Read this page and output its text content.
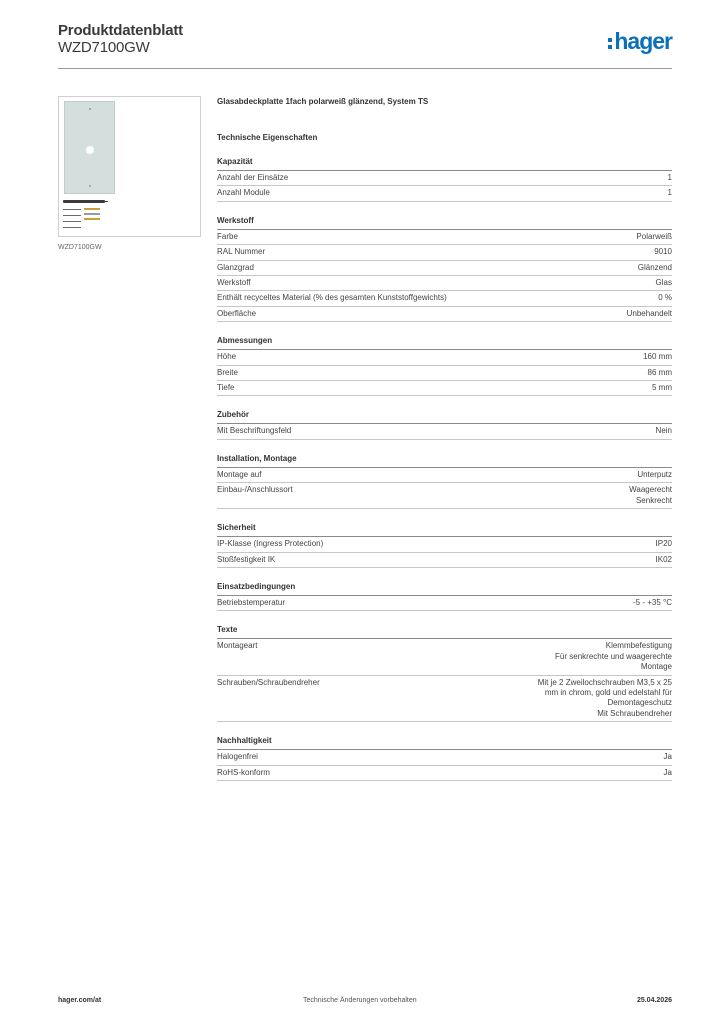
Produktdatenblatt
WZD7100GW	hager
WZD7100GW
Glasabdeckplatte 1fach polarweiß glänzend, System TS
Technische Eigenschaften
Kapazität
Anzahl der Einsätze	1
Anzahl Module	1
Werkstoff
Farbe	Polarweiß
RAL Nummer	9010
Glanzgrad	Glänzend
Werkstoff	Glas
Enthält recyceltes Material (% des gesamten Kunststoffgewichts)	0 %
Oberfläche	Unbehandelt
Abmessungen
Höhe	160 mm
Breite	86 mm
Tiefe	5 mm
Zubehör
Mit Beschriftungsfeld	Nein
Installation, Montage
Montage auf	Unterputz
Einbau-/Anschlussort	Waagerecht
Senkrecht
Sicherheit
IP-Klasse (Ingress Protection)	IP20
Stoßfestigkeit IK	IK02
Einsatzbedingungen
Betriebstemperatur	-5 - +35 °C
Texte
Montageart	Klemmbefestigung
Für senkrechte und waagerechte
Montage
Schrauben/Schraubendreher	Mit je 2 Zweilochschrauben M3,5 x 25
mm in chrom, gold und edelstahl für
Demontageschutz
Mit Schraubendreher
Nachhaltigkeit
Halogenfrei	Ja
RoHS-konform	Ja
hager.com/at	Technische Änderungen vorbehalten	25.04.2026
